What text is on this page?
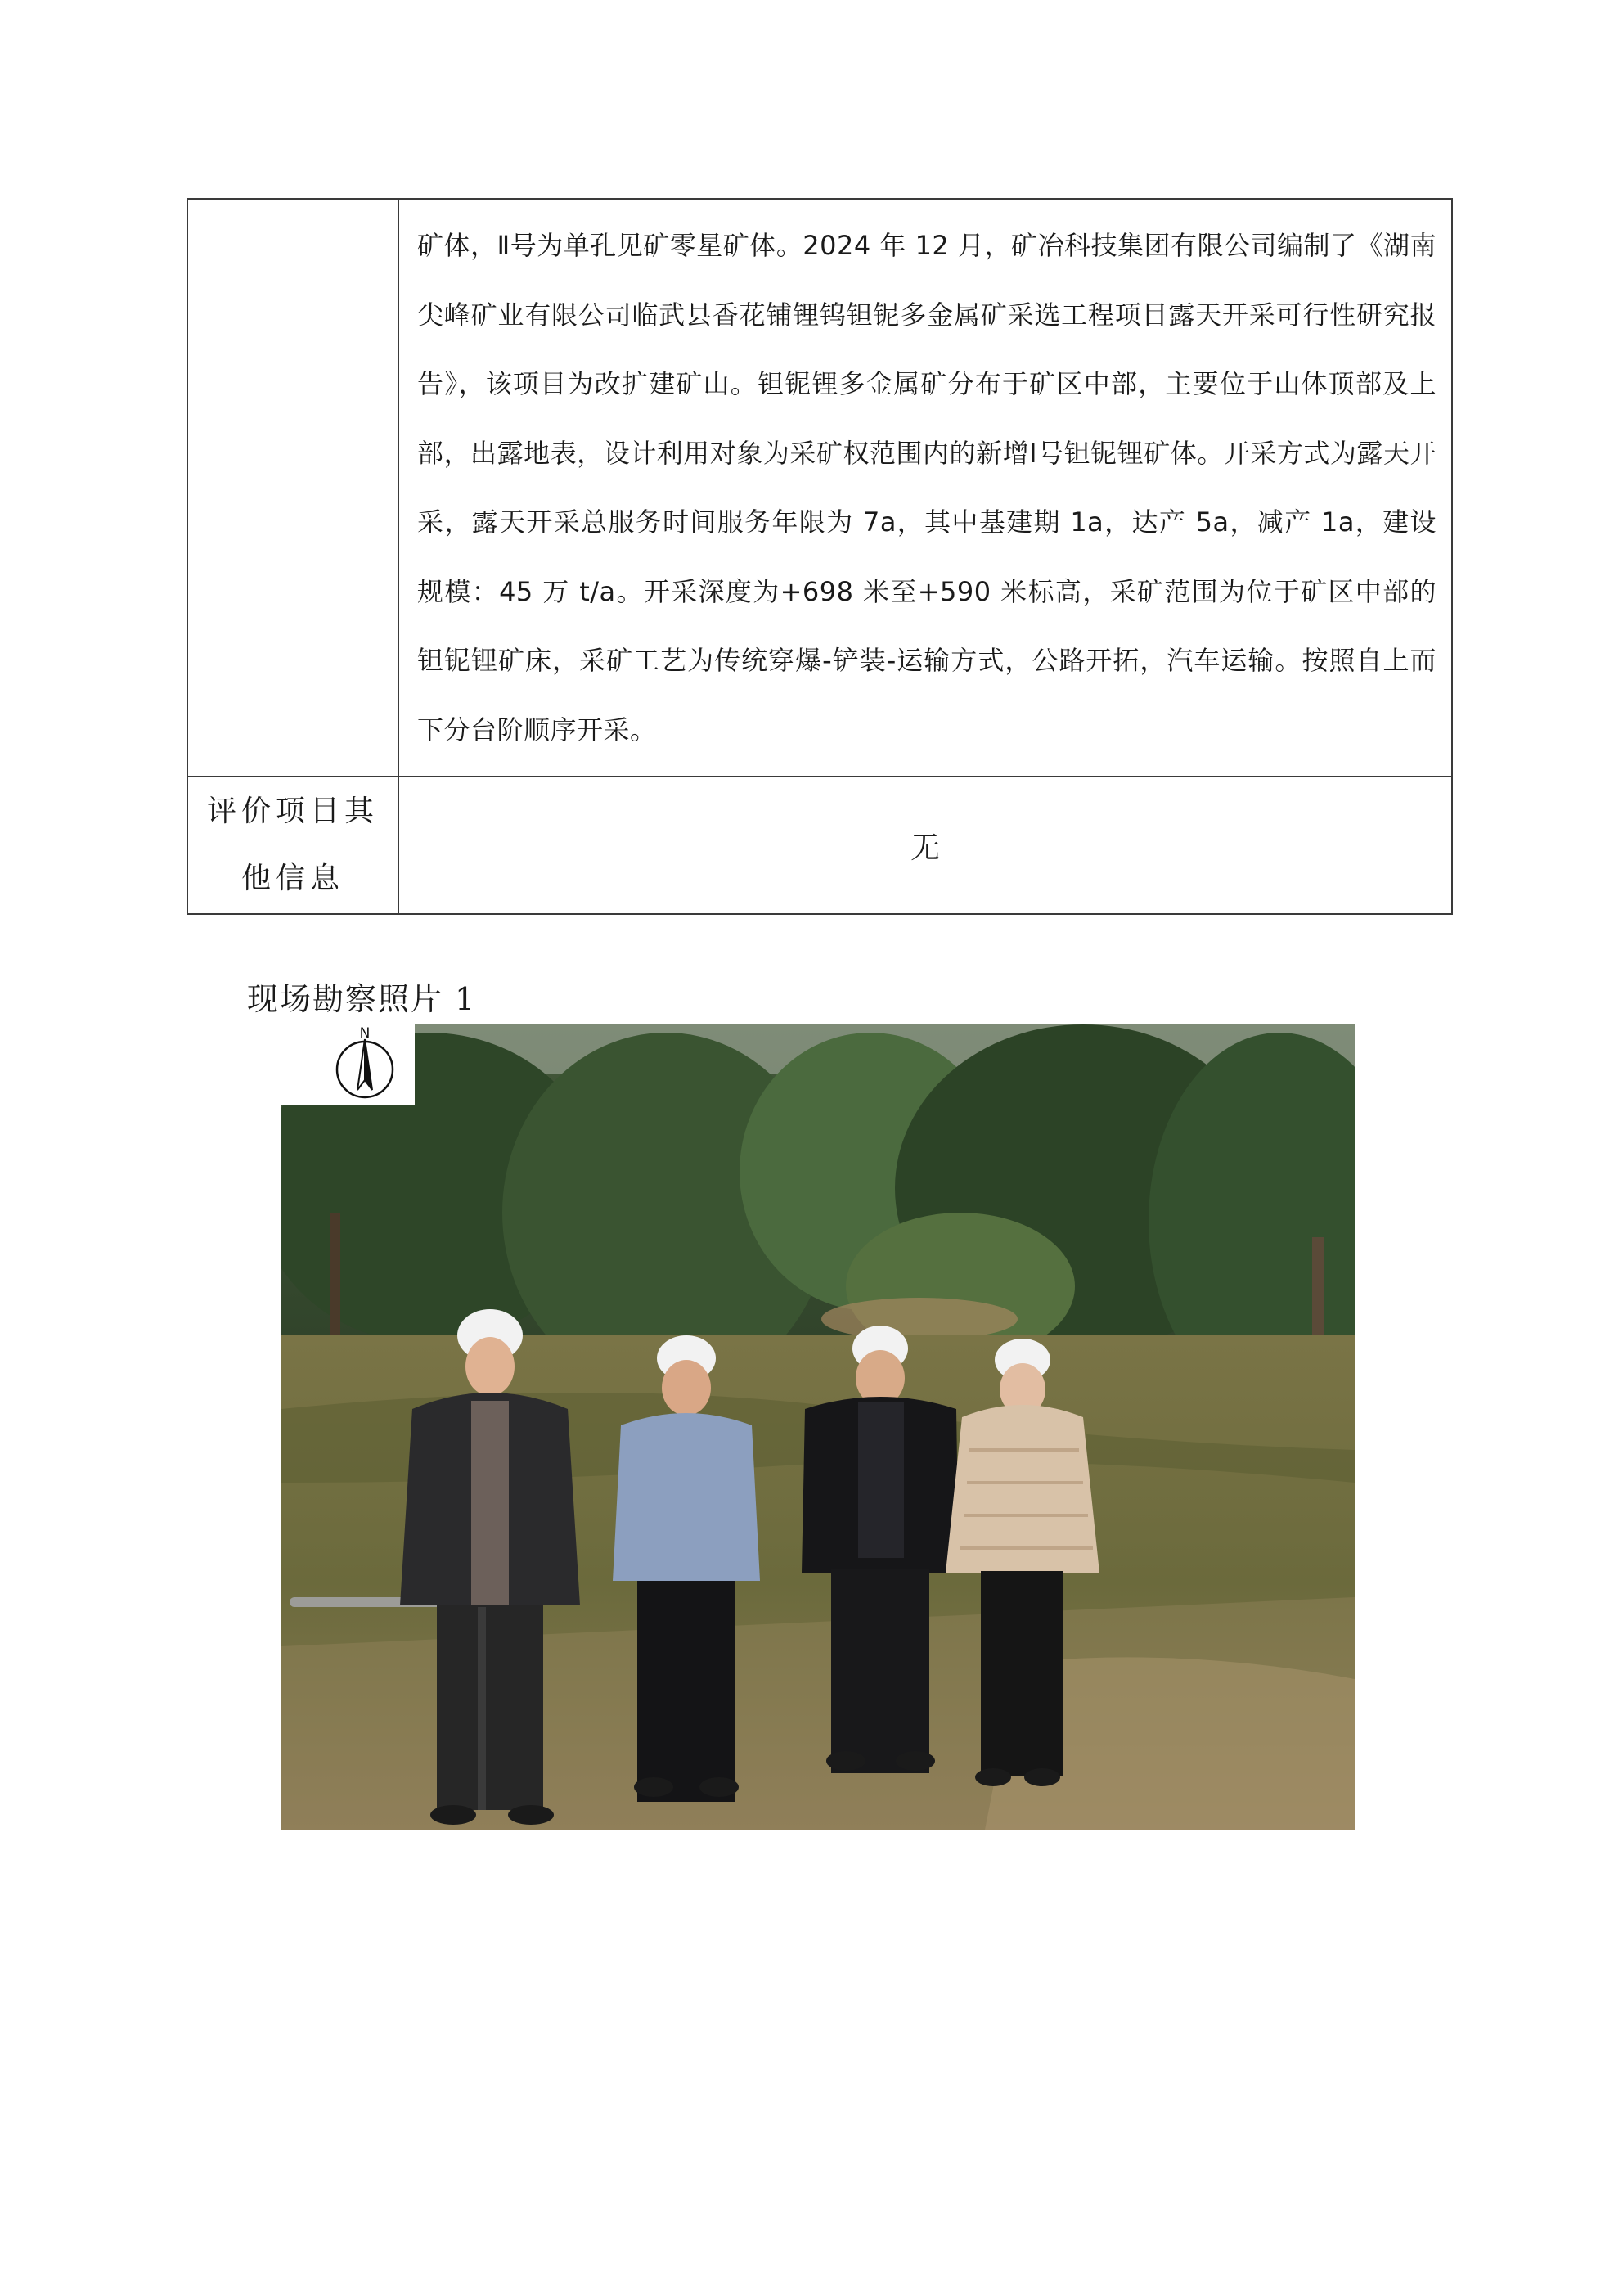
	矿体，Ⅱ号为单孔见矿零星矿体。2024 年 12 月，矿冶科技集团有限公司编制了《湖南尖峰矿业有限公司临武县香花铺锂钨钽铌多金属矿采选工程项目露天开采可行性研究报告》，该项目为改扩建矿山。钽铌锂多金属矿分布于矿区中部，主要位于山体顶部及上部，出露地表，设计利用对象为采矿权范围内的新增Ⅰ号钽铌锂矿体。开采方式为露天开采，露天开采总服务时间服务年限为 7a，其中基建期 1a，达产 5a，减产 1a，建设规模：45 万 t/a。开采深度为+698 米至+590 米标高，采矿范围为位于矿区中部的钽铌锂矿床，采矿工艺为传统穿爆-铲装-运输方式，公路开拓，汽车运输。按照自上而下分台阶顺序开采。

评价项目其
他信息	无
现场勘察照片 1
N
